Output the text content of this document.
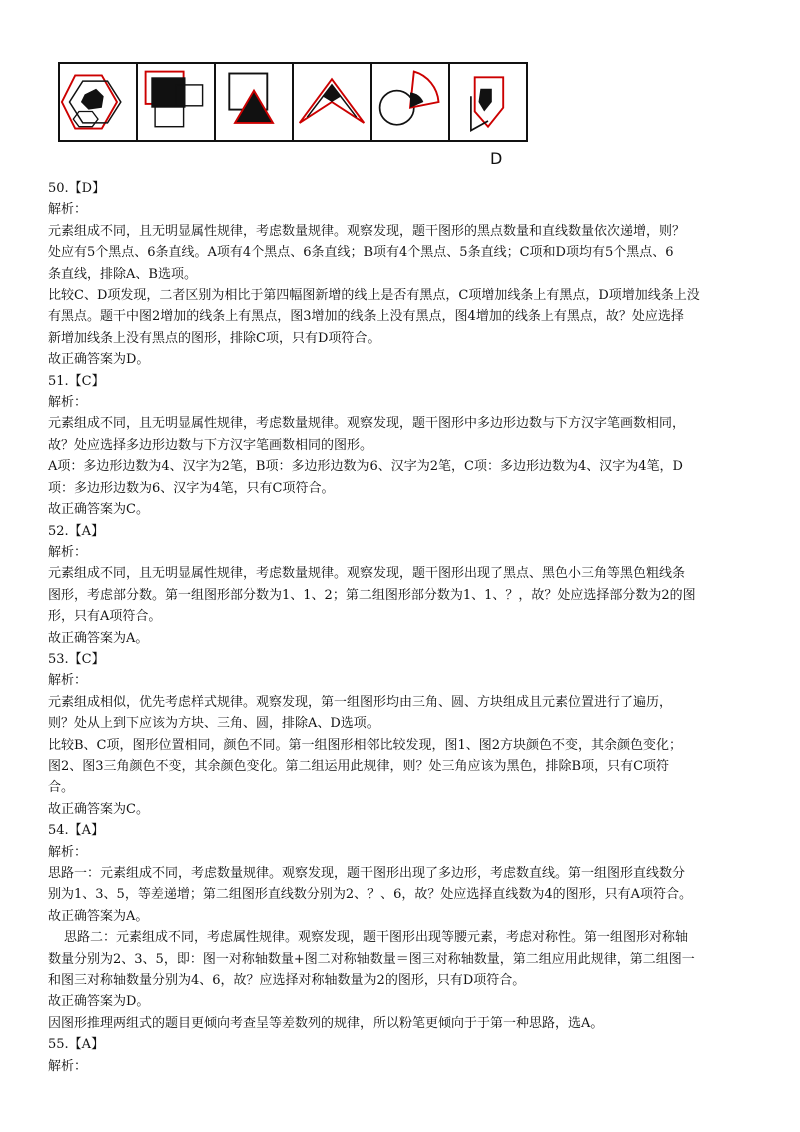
D
50.【D】
解析：
元素组成不同，且无明显属性规律，考虑数量规律。观察发现，题干图形的黑点数量和直线数量依次递增，则？
处应有5个黑点、6条直线。A项有4个黑点、6条直线；B项有4个黑点、5条直线；C项和D项均有5个黑点、6
条直线，排除A、B选项。
比较C、D项发现，二者区别为相比于第四幅图新增的线上是否有黑点，C项增加线条上有黑点，D项增加线条上没
有黑点。题干中图2增加的线条上有黑点，图3增加的线条上没有黑点，图4增加的线条上有黑点，故？处应选择
新增加线条上没有黑点的图形，排除C项，只有D项符合。
故正确答案为D。
51.【C】
解析：
元素组成不同，且无明显属性规律，考虑数量规律。观察发现，题干图形中多边形边数与下方汉字笔画数相同，
故？处应选择多边形边数与下方汉字笔画数相同的图形。
A项：多边形边数为4、汉字为2笔，B项：多边形边数为6、汉字为2笔，C项：多边形边数为4、汉字为4笔，D
项：多边形边数为6、汉字为4笔，只有C项符合。
故正确答案为C。
52.【A】
解析：
元素组成不同，且无明显属性规律，考虑数量规律。观察发现，题干图形出现了黑点、黑色小三角等黑色粗线条
图形，考虑部分数。第一组图形部分数为1、1、2；第二组图形部分数为1、1、？，故？处应选择部分数为2的图
形，只有A项符合。
故正确答案为A。
53.【C】
解析：
元素组成相似，优先考虑样式规律。观察发现，第一组图形均由三角、圆、方块组成且元素位置进行了遍历，
则？处从上到下应该为方块、三角、圆，排除A、D选项。
比较B、C项，图形位置相同，颜色不同。第一组图形相邻比较发现，图1、图2方块颜色不变，其余颜色变化；
图2、图3三角颜色不变，其余颜色变化。第二组运用此规律，则？处三角应该为黑色，排除B项，只有C项符
合。
故正确答案为C。
54.【A】
解析：
思路一：元素组成不同，考虑数量规律。观察发现，题干图形出现了多边形，考虑数直线。第一组图形直线数分
别为1、3、5，等差递增；第二组图形直线数分别为2、？、6，故？处应选择直线数为4的图形，只有A项符合。
故正确答案为A。
思路二：元素组成不同，考虑属性规律。观察发现，题干图形出现等腰元素，考虑对称性。第一组图形对称轴
数量分别为2、3、5，即：图一对称轴数量+图二对称轴数量＝图三对称轴数量，第二组应用此规律，第二组图一
和图三对称轴数量分别为4、6，故？应选择对称轴数量为2的图形，只有D项符合。
故正确答案为D。
因图形推理两组式的题目更倾向考查呈等差数列的规律，所以粉笔更倾向于于第一种思路，选A。
55.【A】
解析：
